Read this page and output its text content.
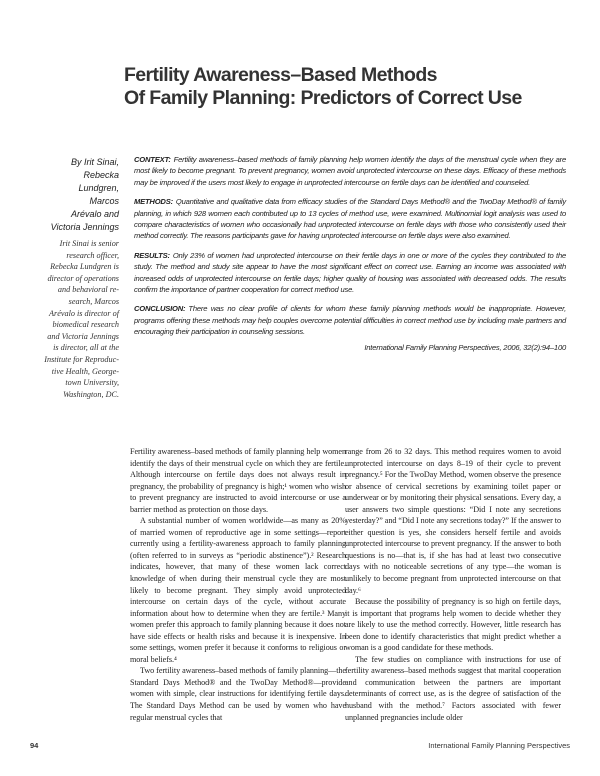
Fertility Awareness–Based Methods
Of Family Planning: Predictors of Correct Use
By Irit Sinai,
Rebecka
Lundgren,
Marcos
Arévalo and
Victoria Jennings
Irit Sinai is senior
research officer,
Rebecka Lundgren is
director of operations
and behavioral re-
search, Marcos
Arévalo is director of
biomedical research
and Victoria Jennings
is director, all at the
Institute for Reproduc-
tive Health, George-
town University,
Washington, DC.

CONTEXT: Fertility awareness–based methods of family planning help women identify the days of the menstrual cycle when they are most likely to become pregnant. To prevent pregnancy, women avoid unprotected intercourse on these days. Efficacy of these methods may be improved if the users most likely to engage in unprotected intercourse on fertile days can be identified and counseled.

METHODS: Quantitative and qualitative data from efficacy studies of the Standard Days Method® and the TwoDay Method® of family planning, in which 928 women each contributed up to 13 cycles of method use, were examined. Multinomial logit analysis was used to compare characteristics of women who occasionally had unprotected intercourse on fertile days with those who consistently used their method correctly. The reasons participants gave for having unprotected intercourse on fertile days were also examined.

RESULTS: Only 23% of women had unprotected intercourse on their fertile days in one or more of the cycles they contributed to the study. The method and study site appear to have the most significant effect on correct use. Earning an income was associated with increased odds of unprotected intercourse on fertile days; higher quality of housing was associated with decreased odds. The results confirm the importance of partner cooperation for correct method use.

CONCLUSION: There was no clear profile of clients for whom these family planning methods would be inappropriate. However, programs offering these methods may help couples overcome potential difficulties in correct method use by including male partners and encouraging their participation in counseling sessions.

International Family Planning Perspectives, 2006, 32(2):94–100

Fertility awareness–based methods of family planning help women identify the days of their menstrual cycle on which they are fertile. Although intercourse on fertile days does not always result in pregnancy, the probability of pregnancy is high;¹ women who wish to prevent pregnancy are instructed to avoid intercourse or use a barrier method as protection on those days.

A substantial number of women worldwide—as many as 20% of married women of reproductive age in some settings—report currently using a fertility-awareness approach to family planning (often referred to in surveys as “periodic abstinence”).² Research indicates, however, that many of these women lack correct knowledge of when during their menstrual cycle they are most likely to become pregnant. They simply avoid unprotected intercourse on certain days of the cycle, without accurate information about how to determine when they are fertile.³ Many women prefer this approach to family planning because it does not have side effects or health risks and because it is inexpensive. In some settings, women prefer it because it conforms to religious or moral beliefs.⁴

Two fertility awareness–based methods of family planning—the Standard Days Method® and the TwoDay Method®—provide women with simple, clear instructions for identifying fertile days. The Standard Days Method can be used by women who have regular menstrual cycles that

range from 26 to 32 days. This method requires women to avoid unprotected intercourse on days 8–19 of their cycle to prevent pregnancy.⁵ For the TwoDay Method, women observe the presence or absence of cervical secretions by examining toilet paper or underwear or by monitoring their physical sensations. Every day, a user answers two simple questions: “Did I note any secretions yesterday?” and “Did I note any secretions today?” If the answer to either question is yes, she considers herself fertile and avoids unprotected intercourse to prevent pregnancy. If the answer to both questions is no—that is, if she has had at least two consecutive days with no noticeable secretions of any type—the woman is unlikely to become pregnant from unprotected intercourse on that day.⁶

Because the possibility of pregnancy is so high on fertile days, it is important that programs help women to decide whether they are likely to use the method correctly. However, little research has been done to identify characteristics that might predict whether a woman is a good candidate for these methods.

The few studies on compliance with instructions for use of fertility awareness–based methods suggest that marital cooperation and communication between the partners are important determinants of correct use, as is the degree of satisfaction of the husband with the method.⁷ Factors associated with fewer unplanned pregnancies include older

94	International Family Planning Perspectives
